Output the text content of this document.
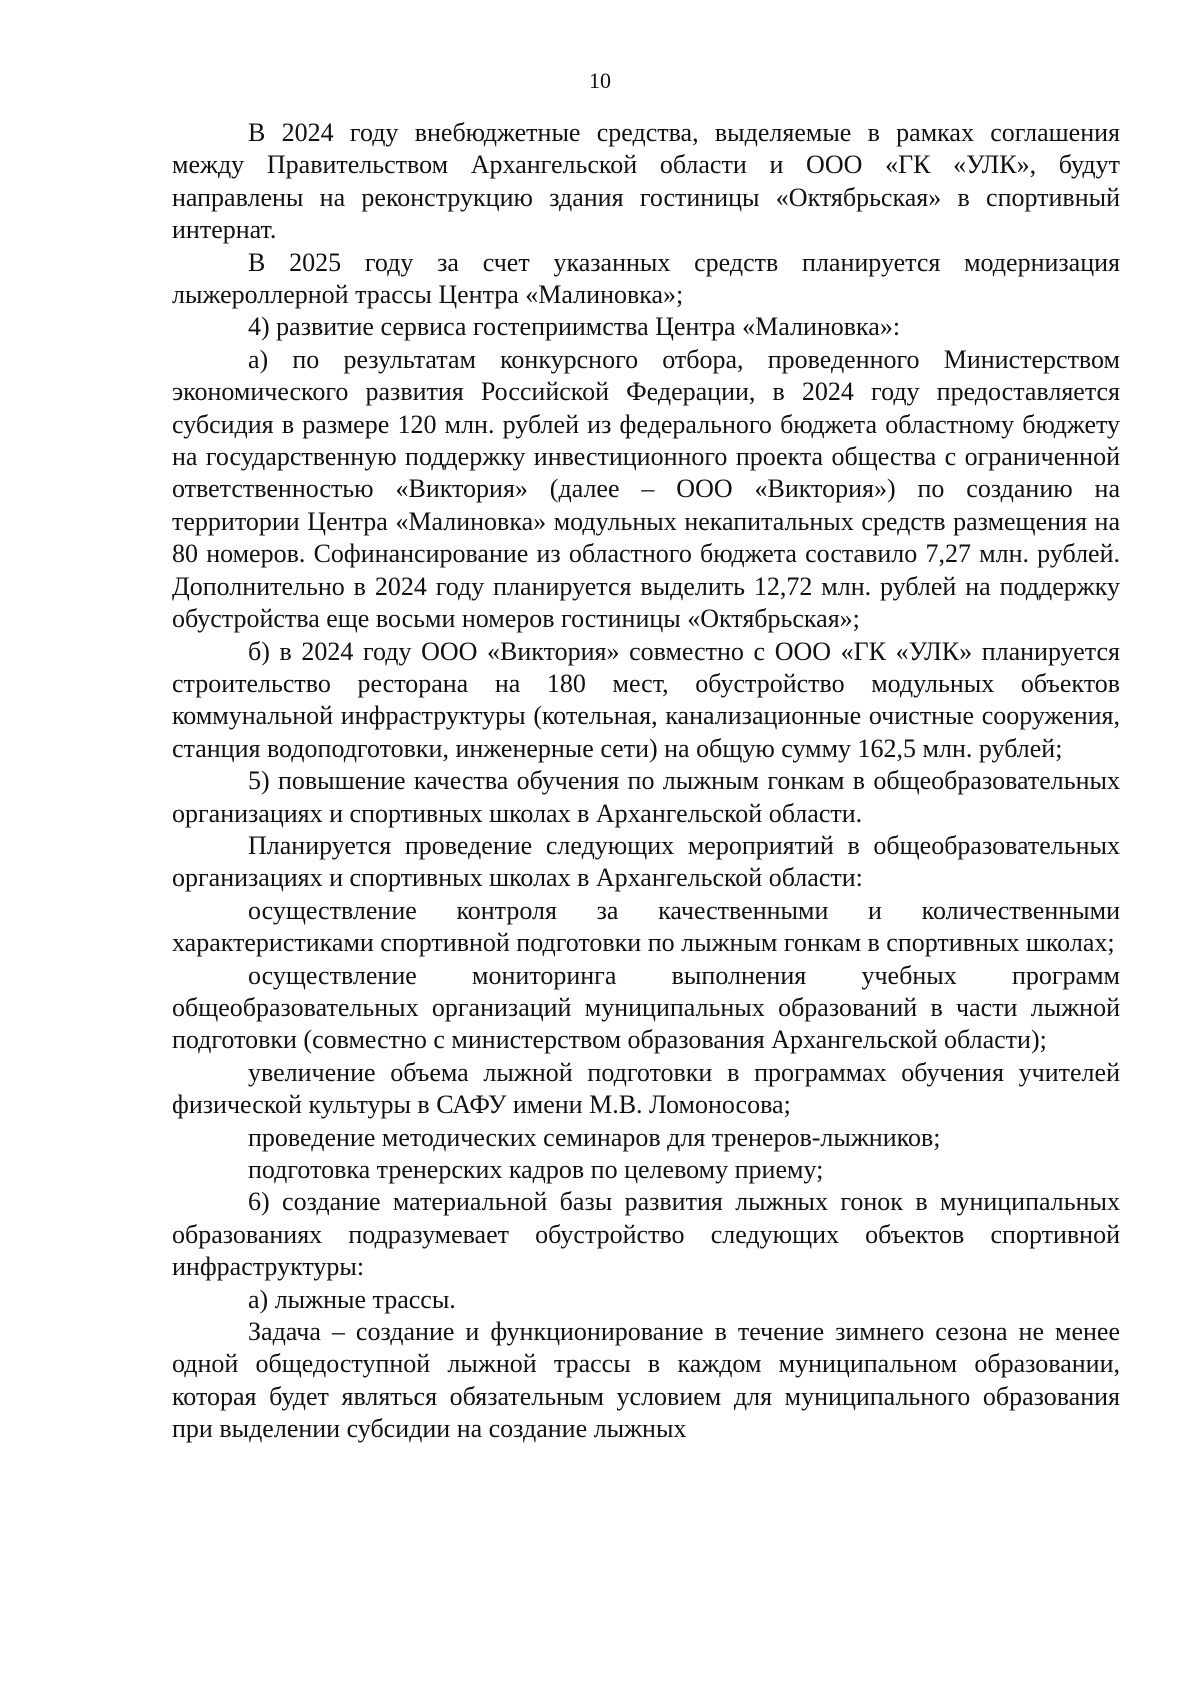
10

В 2024 году внебюджетные средства, выделяемые в рамках соглашения между Правительством Архангельской области и ООО «ГК «УЛК», будут направлены на реконструкцию здания гостиницы «Октябрьская» в спортивный интернат.

В 2025 году за счет указанных средств планируется модернизация лыжероллерной трассы Центра «Малиновка»;

4) развитие сервиса гостеприимства Центра «Малиновка»:

а) по результатам конкурсного отбора, проведенного Министерством экономического развития Российской Федерации, в 2024 году предоставляется субсидия в размере 120 млн. рублей из федерального бюджета областному бюджету на государственную поддержку инвестиционного проекта общества с ограниченной ответственностью «Виктория» (далее – ООО «Виктория») по созданию на территории Центра «Малиновка» модульных некапитальных средств размещения на 80 номеров. Софинансирование из областного бюджета составило 7,27 млн. рублей. Дополнительно в 2024 году планируется выделить 12,72 млн. рублей на поддержку обустройства еще восьми номеров гостиницы «Октябрьская»;

б) в 2024 году ООО «Виктория» совместно с ООО «ГК «УЛК» планируется строительство ресторана на 180 мест, обустройство модульных объектов коммунальной инфраструктуры (котельная, канализационные очистные сооружения, станция водоподготовки, инженерные сети) на общую сумму 162,5 млн. рублей;

5) повышение качества обучения по лыжным гонкам в общеобразовательных организациях и спортивных школах в Архангельской области.

Планируется проведение следующих мероприятий в общеобразовательных организациях и спортивных школах в Архангельской области:

осуществление контроля за качественными и количественными характеристиками спортивной подготовки по лыжным гонкам в спортивных школах;

осуществление мониторинга выполнения учебных программ общеобразовательных организаций муниципальных образований в части лыжной подготовки (совместно с министерством образования Архангельской области);

увеличение объема лыжной подготовки в программах обучения учителей физической культуры в САФУ имени М.В. Ломоносова;

проведение методических семинаров для тренеров-лыжников;

подготовка тренерских кадров по целевому приему;

6) создание материальной базы развития лыжных гонок в муниципальных образованиях подразумевает обустройство следующих объектов спортивной инфраструктуры:

а) лыжные трассы.

Задача – создание и функционирование в течение зимнего сезона не менее одной общедоступной лыжной трассы в каждом муниципальном образовании, которая будет являться обязательным условием для муниципального образования при выделении субсидии на создание лыжных
